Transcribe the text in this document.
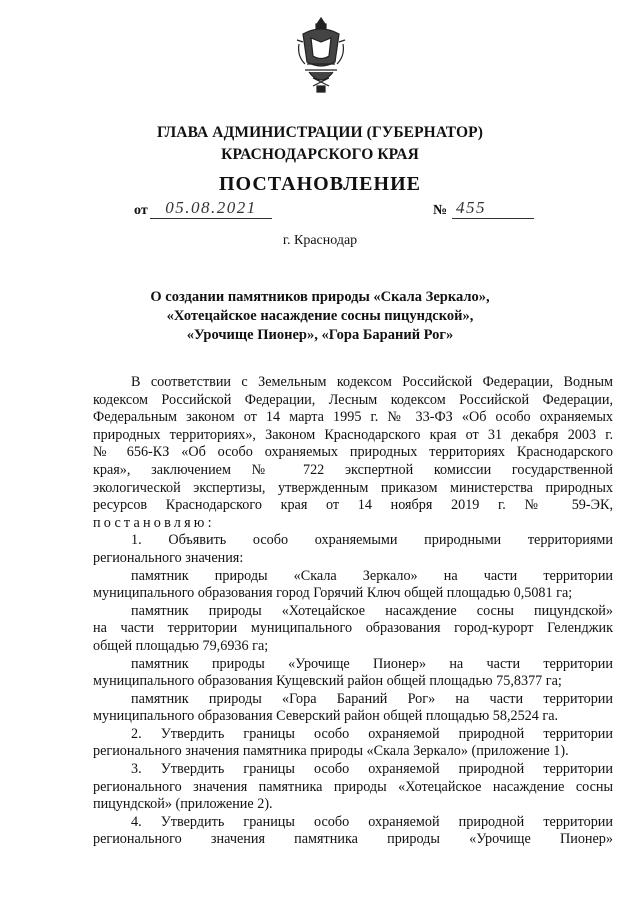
ГЛАВА АДМИНИСТРАЦИИ (ГУБЕРНАТОР)
КРАСНОДАРСКОГО КРАЯ
ПОСТАНОВЛЕНИЕ
от	05.08.2021	№ 455
г. Краснодар
О создании памятников природы «Скала Зеркало»,
«Хотецайское насаждение сосны пицундской»,
«Урочище Пионер», «Гора Бараний Рог»

В соответствии с Земельным кодексом Российской Федерации, Водным

кодексом Российской Федерации, Лесным кодексом Российской Федерации,

Федеральным законом от 14 марта 1995 г. № 33-ФЗ «Об особо охраняемых

природных территориях», Законом Краснодарского края от 31 декабря 2003 г.

№ 656-КЗ «Об особо охраняемых природных территориях Краснодарского

края», заключением № 722 экспертной комиссии государственной

экологической экспертизы, утвержденным приказом министерства природных

ресурсов Краснодарского края от 14 ноября 2019 г. № 59-ЭК,

постановляю:

1. Объявить особо охраняемыми природными территориями

регионального значения:

памятник природы «Скала Зеркало» на части территории

муниципального образования город Горячий Ключ общей площадью 0,5081 га;

памятник природы «Хотецайское насаждение сосны пицундской»

на части территории муниципального образования город-курорт Геленджик

общей площадью 79,6936 га;

памятник природы «Урочище Пионер» на части территории

муниципального образования Кущевский район общей площадью 75,8377 га;

памятник природы «Гора Бараний Рог» на части территории

муниципального образования Северский район общей площадью 58,2524 га.

2. Утвердить границы особо охраняемой природной территории

регионального значения памятника природы «Скала Зеркало» (приложение 1).

3. Утвердить границы особо охраняемой природной территории

регионального значения памятника природы «Хотецайское насаждение сосны

пицундской» (приложение 2).

4. Утвердить границы особо охраняемой природной территории

регионального значения памятника природы «Урочище Пионер»
